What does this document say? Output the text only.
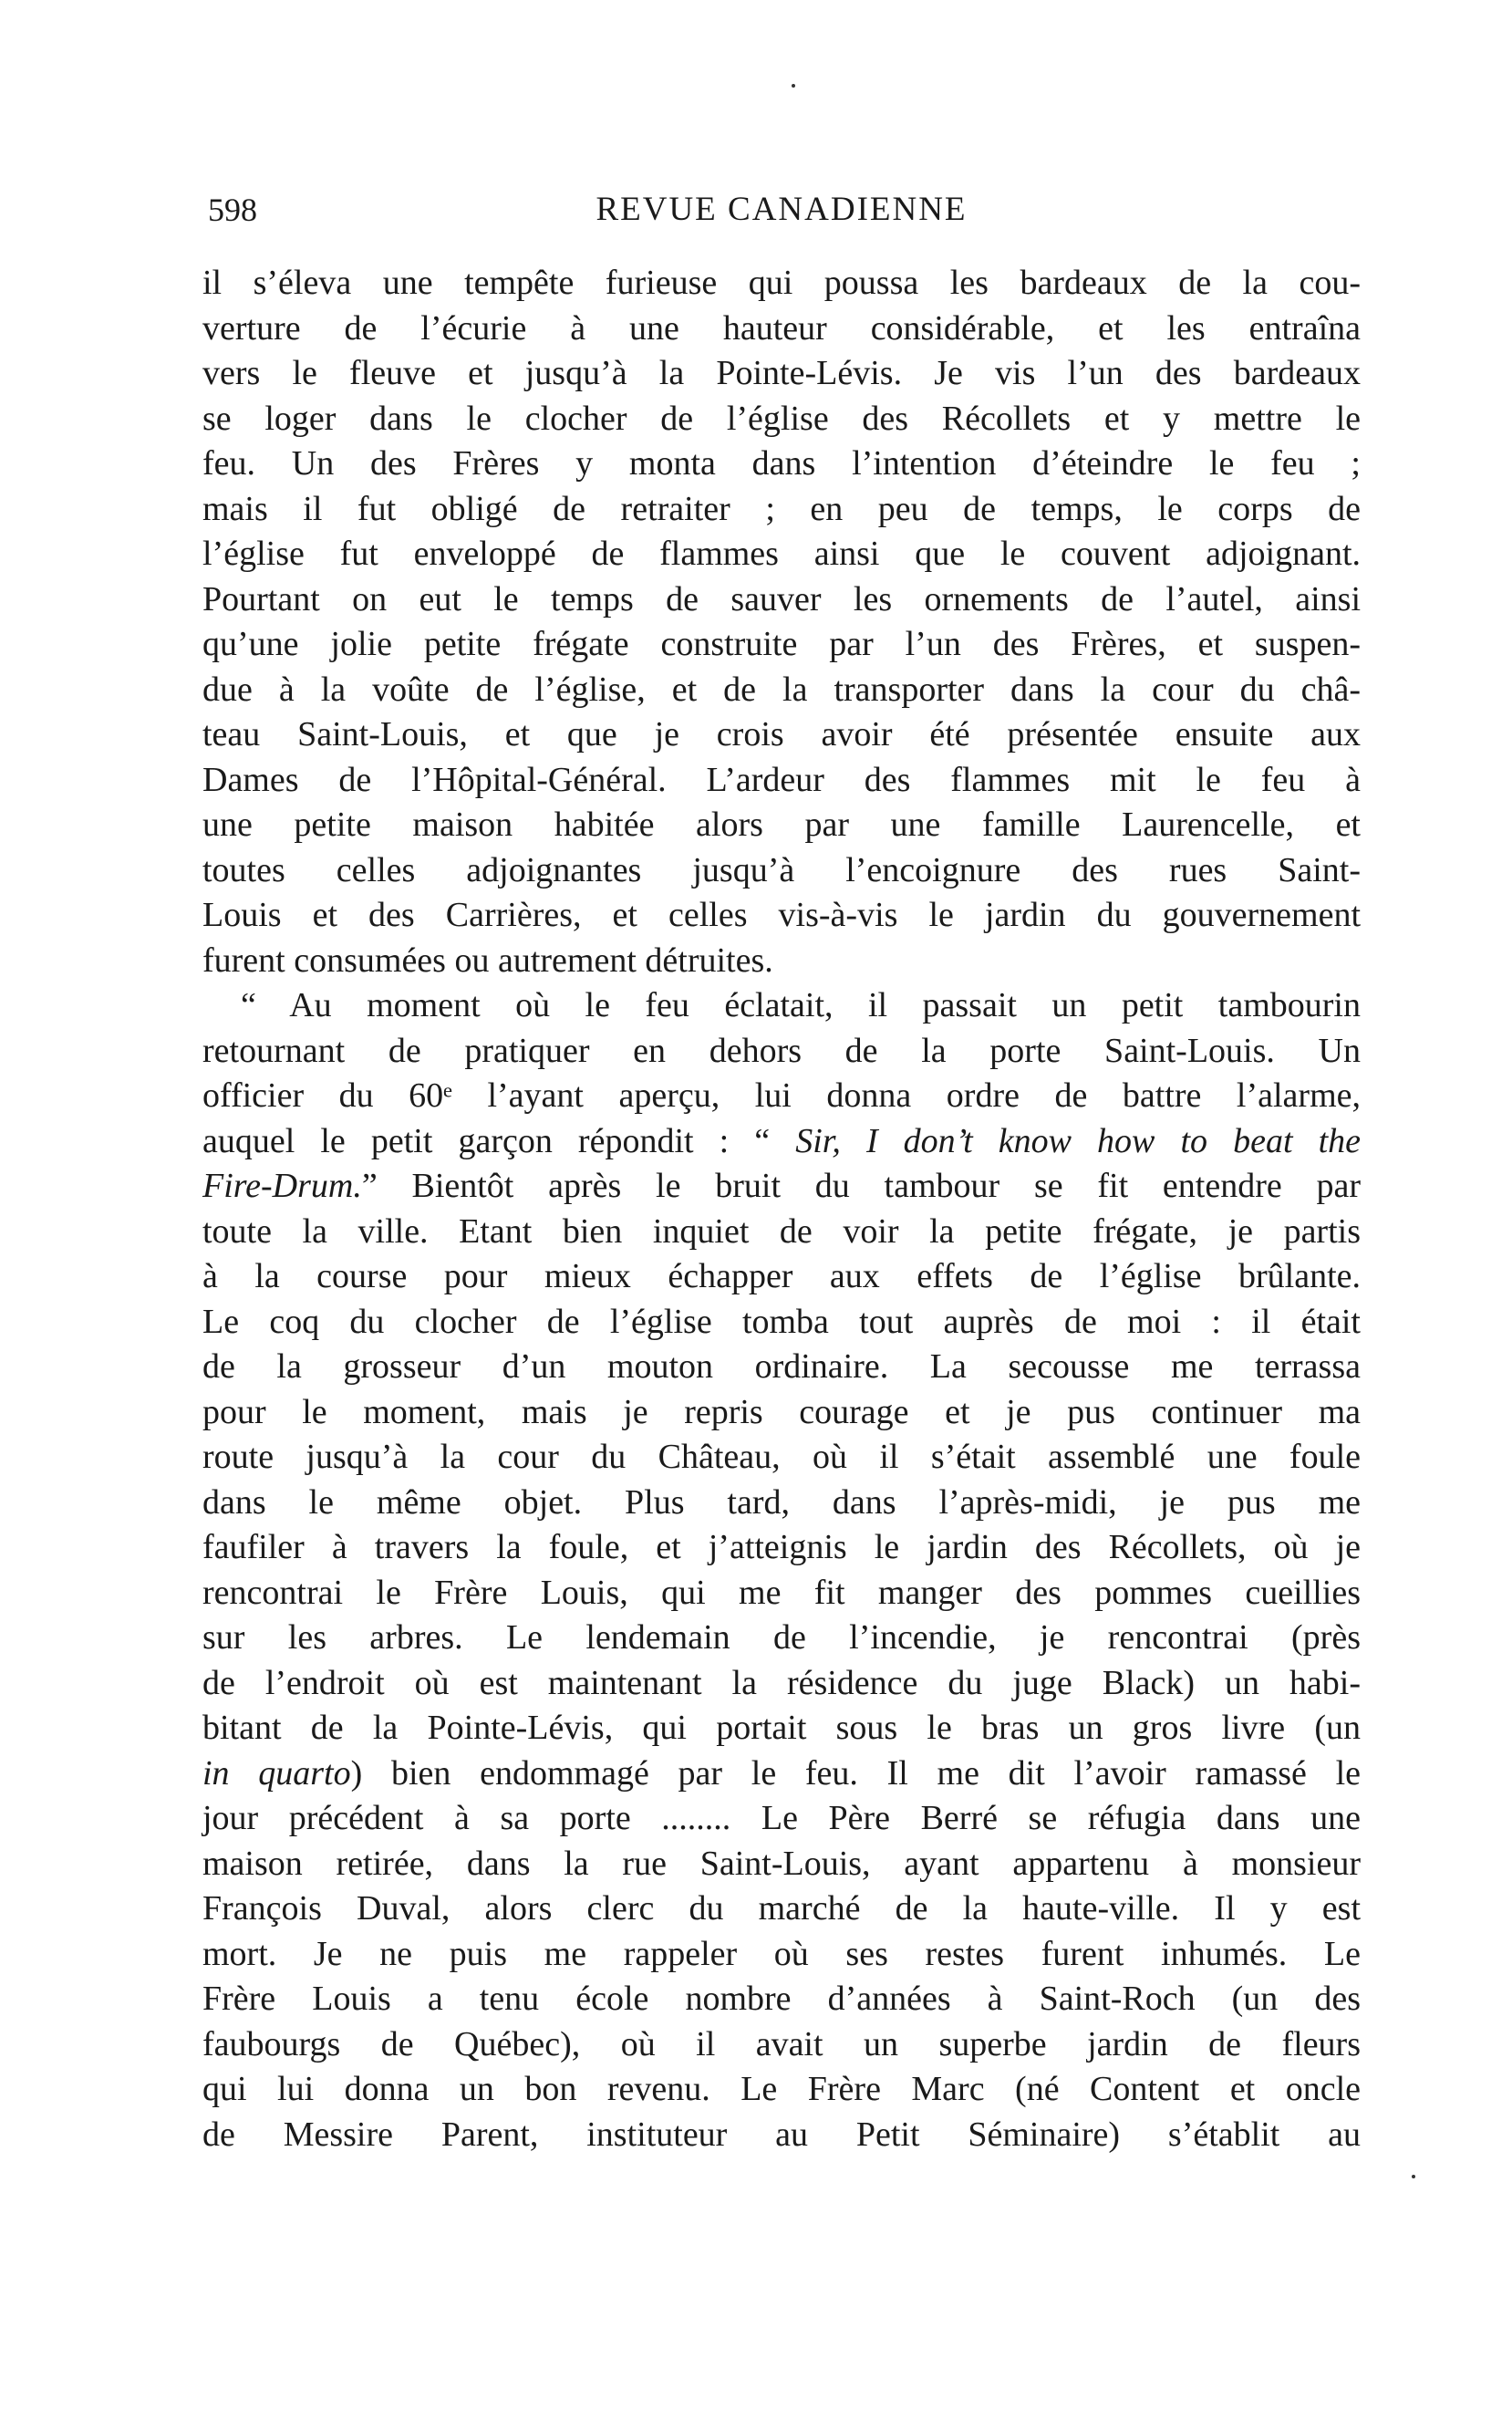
598	REVUE CANADIENNE

il s’éleva une tempête furieuse qui poussa les bardeaux de la cou-
verture de l’écurie à une hauteur considérable, et les entraîna
vers le fleuve et jusqu’à la Pointe-Lévis. Je vis l’un des bardeaux
se loger dans le clocher de l’église des Récollets et y mettre le
feu. Un des Frères y monta dans l’intention d’éteindre le feu ;
mais il fut obligé de retraiter ; en peu de temps, le corps de
l’église fut enveloppé de flammes ainsi que le couvent adjoignant.
Pourtant on eut le temps de sauver les ornements de l’autel, ainsi
qu’une jolie petite frégate construite par l’un des Frères, et suspen-
due à la voûte de l’église, et de la transporter dans la cour du châ-
teau Saint-Louis, et que je crois avoir été présentée ensuite aux
Dames de l’Hôpital-Général. L’ardeur des flammes mit le feu à
une petite maison habitée alors par une famille Laurencelle, et
toutes celles adjoignantes jusqu’à l’encoignure des rues Saint-
Louis et des Carrières, et celles vis-à-vis le jardin du gouvernement
furent consumées ou autrement détruites.

“ Au moment où le feu éclatait, il passait un petit tambourin
retournant de pratiquer en dehors de la porte Saint-Louis. Un
officier du 60ᵉ l’ayant aperçu, lui donna ordre de battre l’alarme,
auquel le petit garçon répondit : “ Sir, I don’t know how to beat the
Fire-Drum.” Bientôt après le bruit du tambour se fit entendre par
toute la ville. Etant bien inquiet de voir la petite frégate, je partis
à la course pour mieux échapper aux effets de l’église brûlante.
Le coq du clocher de l’église tomba tout auprès de moi : il était
de la grosseur d’un mouton ordinaire. La secousse me terrassa
pour le moment, mais je repris courage et je pus continuer ma
route jusqu’à la cour du Château, où il s’était assemblé une foule
dans le même objet. Plus tard, dans l’après-midi, je pus me
faufiler à travers la foule, et j’atteignis le jardin des Récollets, où je
rencontrai le Frère Louis, qui me fit manger des pommes cueillies
sur les arbres. Le lendemain de l’incendie, je rencontrai (près
de l’endroit où est maintenant la résidence du juge Black) un habi-
bitant de la Pointe-Lévis, qui portait sous le bras un gros livre (un
in quarto) bien endommagé par le feu. Il me dit l’avoir ramassé le
jour précédent à sa porte ........ Le Père Berré se réfugia dans une
maison retirée, dans la rue Saint-Louis, ayant appartenu à monsieur
François Duval, alors clerc du marché de la haute-ville. Il y est
mort. Je ne puis me rappeler où ses restes furent inhumés. Le
Frère Louis a tenu école nombre d’années à Saint-Roch (un des
faubourgs de Québec), où il avait un superbe jardin de fleurs
qui lui donna un bon revenu. Le Frère Marc (né Content et oncle
de Messire Parent, instituteur au Petit Séminaire) s’établit au
